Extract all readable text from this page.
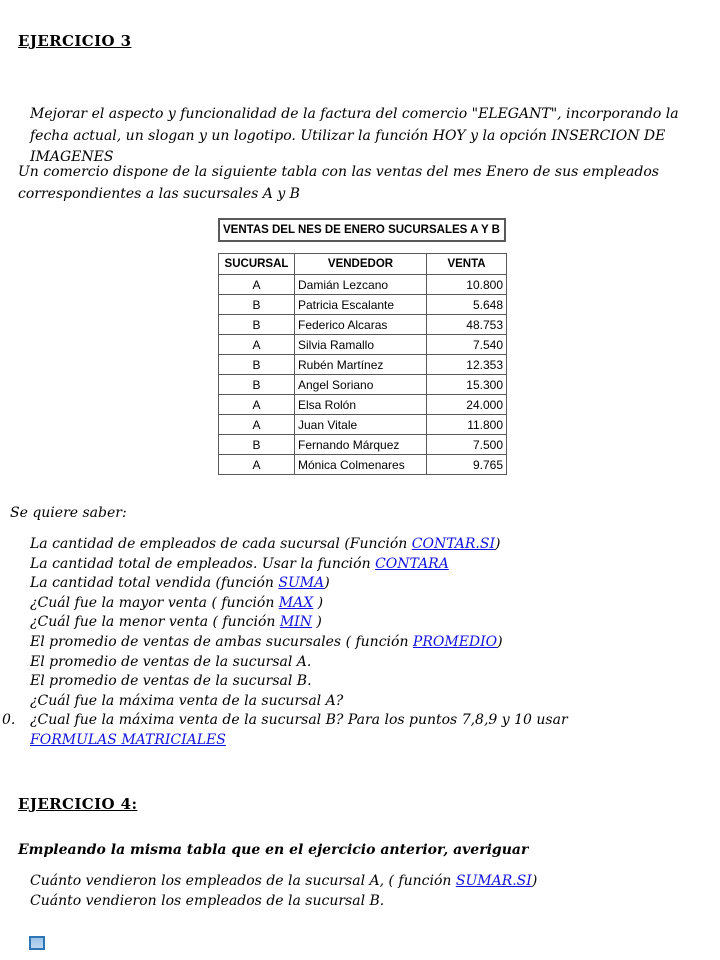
EJERCICIO 3

Mejorar el aspecto y funcionalidad de la factura del comercio "ELEGANT", incorporando la fecha actual, un slogan y un logotipo. Utilizar la función HOY y la opción INSERCION DE IMAGENES

Un comercio dispone de la siguiente tabla con las ventas del mes Enero de sus empleados correspondientes a las sucursales A y B

VENTAS DEL NES DE ENERO SUCURSALES A Y B
SUCURSAL	VENDEDOR	VENTA
A	Damián Lezcano	10.800
B	Patricia Escalante	5.648
B	Federico Alcaras	48.753
A	Silvia Ramallo	7.540
B	Rubén Martínez	12.353
B	Angel Soriano	15.300
A	Elsa Rolón	24.000
A	Juan Vitale	11.800
B	Fernando Márquez	7.500
A	Mónica Colmenares	9.765

Se quiere saber:

La cantidad de empleados de cada sucursal (Función CONTAR.SI)
La cantidad total de empleados. Usar la función CONTARA
La cantidad total vendida (función SUMA)
¿Cuál fue la mayor venta ( función MAX )
¿Cuál fue la menor venta ( función MIN )
El promedio de ventas de ambas sucursales ( función PROMEDIO)
El promedio de ventas de la sucursal A.
El promedio de ventas de la sucursal B.
¿Cuál fue la máxima venta de la sucursal A?
0. ¿Cual fue la máxima venta de la sucursal B? Para los puntos 7,8,9 y 10 usar FORMULAS MATRICIALES
EJERCICIO 4:

Empleando la misma tabla que en el ejercicio anterior, averiguar

Cuánto vendieron los empleados de la sucursal A, ( función SUMAR.SI)
Cuánto vendieron los empleados de la sucursal B.
